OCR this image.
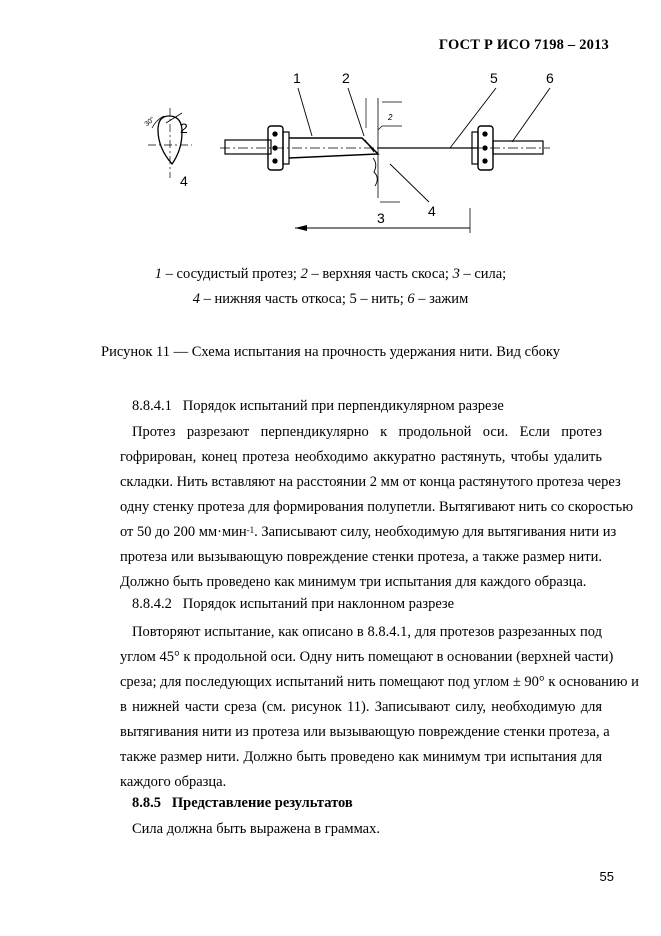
ГОСТ Р ИСО 7198 – 2013
1	2	5	6
2
4
4
3
2
30°
1 – сосудистый протез; 2 – верхняя часть скоса; 3 – сила;
4 – нижняя часть откоса; 5 – нить; 6 – зажим
Рисунок 11 — Схема испытания на прочность удержания нити. Вид сбоку
8.8.4.1   Порядок испытаний при перпендикулярном разрезе
Протез разрезают перпендикулярно к продольной оси. Если протез
гофрирован, конец протеза необходимо аккуратно растянуть, чтобы удалить
складки. Нить вставляют на расстоянии 2 мм от конца растянутого протеза через
одну стенку протеза для формирования полупетли. Вытягивают нить со скоростью
от 50 до 200 мм·мин$^{-1}$. Записывают силу, необходимую для вытягивания нити из
протеза или вызывающую повреждение стенки протеза, а также размер нити.
Должно быть проведено как минимум три испытания для каждого образца.
8.8.4.2   Порядок испытаний при наклонном разрезе
Повторяют испытание, как описано в 8.8.4.1, для протезов разрезанных под
углом 45° к продольной оси. Одну нить помещают в основании (верхней части)
среза; для последующих испытаний нить помещают под углом ± 90° к основанию и
в нижней части среза (см. рисунок 11). Записывают силу, необходимую для
вытягивания нити из протеза или вызывающую повреждение стенки протеза, а
также размер нити. Должно быть проведено как минимум три испытания для
каждого образца.
8.8.5 Представление результатов
Сила должна быть выражена в граммах.
55
